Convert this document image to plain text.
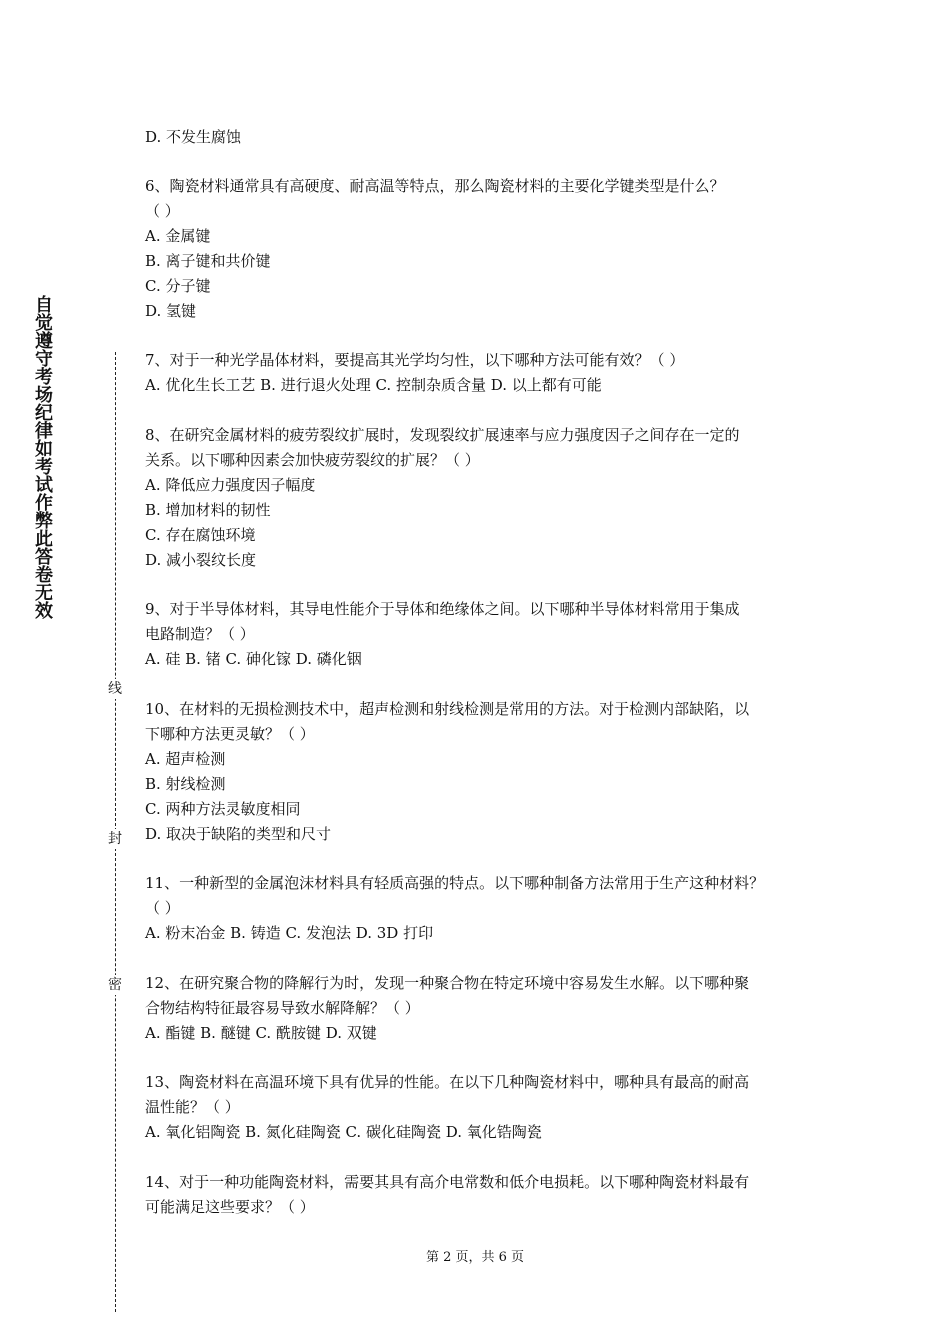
自觉遵守考场纪律如考试作弊此答卷无效
线
封
密
D. 不发生腐蚀
6、陶瓷材料通常具有高硬度、耐高温等特点，那么陶瓷材料的主要化学键类型是什么？
（ ）
A. 金属键
B. 离子键和共价键
C. 分子键
D. 氢键
7、对于一种光学晶体材料，要提高其光学均匀性，以下哪种方法可能有效？（ ）
A. 优化生长工艺 B. 进行退火处理 C. 控制杂质含量 D. 以上都有可能
8、在研究金属材料的疲劳裂纹扩展时，发现裂纹扩展速率与应力强度因子之间存在一定的
关系。以下哪种因素会加快疲劳裂纹的扩展？（ ）
A. 降低应力强度因子幅度
B. 增加材料的韧性
C. 存在腐蚀环境
D. 减小裂纹长度
9、对于半导体材料，其导电性能介于导体和绝缘体之间。以下哪种半导体材料常用于集成
电路制造？（ ）
A. 硅 B. 锗 C. 砷化镓 D. 磷化铟
10、在材料的无损检测技术中，超声检测和射线检测是常用的方法。对于检测内部缺陷，以
下哪种方法更灵敏？（ ）
A. 超声检测
B. 射线检测
C. 两种方法灵敏度相同
D. 取决于缺陷的类型和尺寸
11、一种新型的金属泡沫材料具有轻质高强的特点。以下哪种制备方法常用于生产这种材料？
（ ）
A. 粉末冶金 B. 铸造 C. 发泡法 D. 3D 打印
12、在研究聚合物的降解行为时，发现一种聚合物在特定环境中容易发生水解。以下哪种聚
合物结构特征最容易导致水解降解？（ ）
A. 酯键 B. 醚键 C. 酰胺键 D. 双键
13、陶瓷材料在高温环境下具有优异的性能。在以下几种陶瓷材料中，哪种具有最高的耐高
温性能？（ ）
A. 氧化铝陶瓷 B. 氮化硅陶瓷 C. 碳化硅陶瓷 D. 氧化锆陶瓷
14、对于一种功能陶瓷材料，需要其具有高介电常数和低介电损耗。以下哪种陶瓷材料最有
可能满足这些要求？（ ）
第 2 页，共 6 页
